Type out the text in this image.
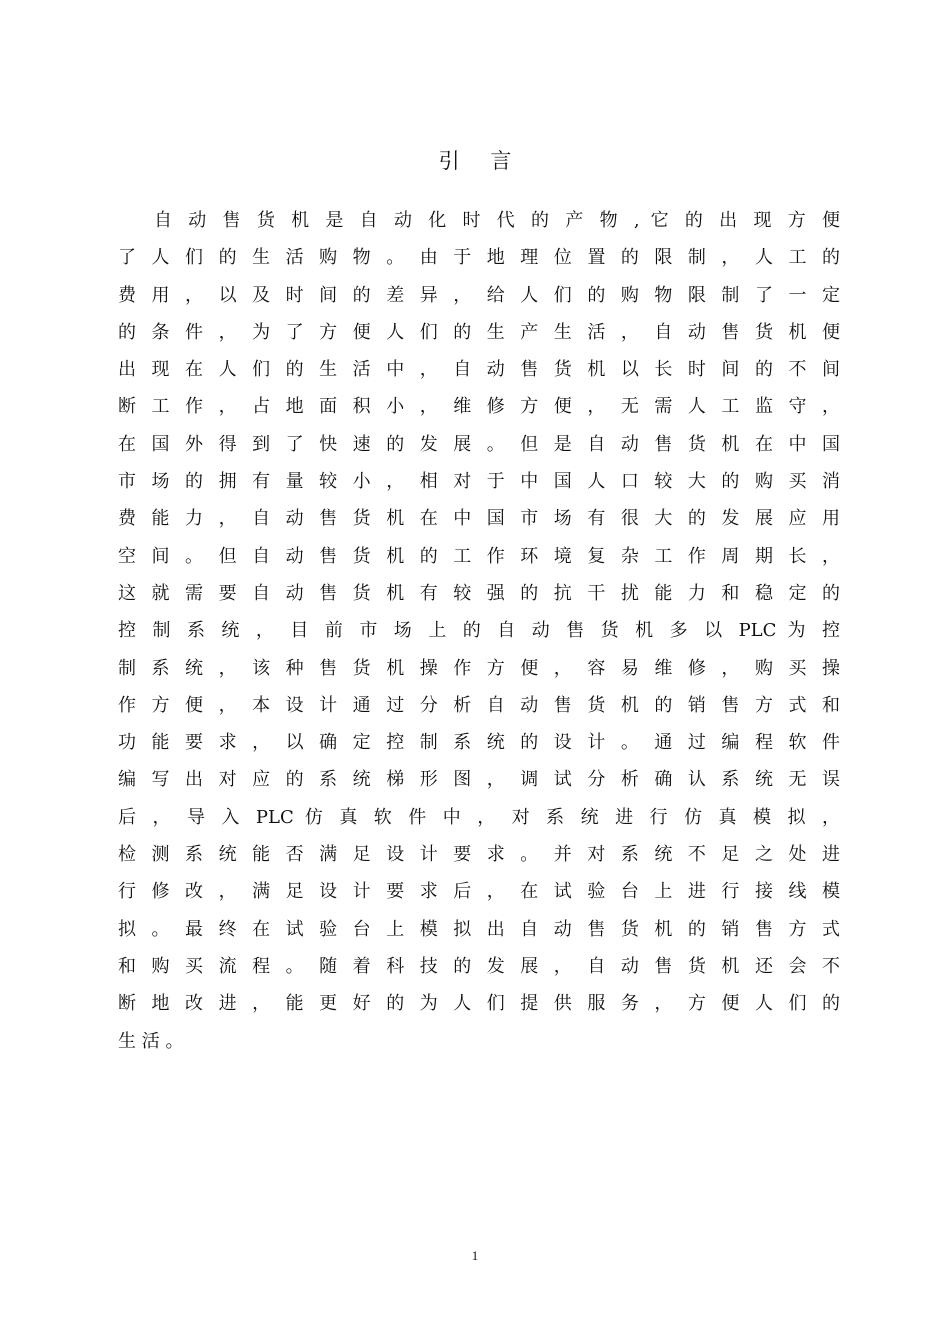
引 言
自 动 售 货 机 是 自 动 化 时 代 的 产 物 , 它 的 出 现 方 便
了 人 们 的 生 活 购 物 。 由 于 地 理 位 置 的 限 制 ， 人 工 的
费 用 ， 以 及 时 间 的 差 异 ， 给 人 们 的 购 物 限 制 了 一 定
的 条 件 ， 为 了 方 便 人 们 的 生 产 生 活 ， 自 动 售 货 机 便
出 现 在 人 们 的 生 活 中 ， 自 动 售 货 机 以 长 时 间 的 不 间
断 工 作 ， 占 地 面 积 小 ， 维 修 方 便 ， 无 需 人 工 监 守 ，
在 国 外 得 到 了 快 速 的 发 展 。 但 是 自 动 售 货 机 在 中 国
市 场 的 拥 有 量 较 小 ， 相 对 于 中 国 人 口 较 大 的 购 买 消
费 能 力 ， 自 动 售 货 机 在 中 国 市 场 有 很 大 的 发 展 应 用
空 间 。 但 自 动 售 货 机 的 工 作 环 境 复 杂 工 作 周 期 长 ，
这 就 需 要 自 动 售 货 机 有 较 强 的 抗 干 扰 能 力 和 稳 定 的
控 制 系 统 ， 目 前 市 场 上 的 自 动 售 货 机 多 以 PLC 为 控
制 系 统 ， 该 种 售 货 机 操 作 方 便 ， 容 易 维 修 ， 购 买 操
作 方 便 ， 本 设 计 通 过 分 析 自 动 售 货 机 的 销 售 方 式 和
功 能 要 求 ， 以 确 定 控 制 系 统 的 设 计 。 通 过 编 程 软 件
编 写 出 对 应 的 系 统 梯 形 图 ， 调 试 分 析 确 认 系 统 无 误
后 ， 导 入 PLC 仿 真 软 件 中 ， 对 系 统 进 行 仿 真 模 拟 ，
检 测 系 统 能 否 满 足 设 计 要 求 。 并 对 系 统 不 足 之 处 进
行 修 改 ， 满 足 设 计 要 求 后 ， 在 试 验 台 上 进 行 接 线 模
拟 。 最 终 在 试 验 台 上 模 拟 出 自 动 售 货 机 的 销 售 方 式
和 购 买 流 程 。 随 着 科 技 的 发 展 ， 自 动 售 货 机 还 会 不
断 地 改 进 ， 能 更 好 的 为 人 们 提 供 服 务 ， 方 便 人 们 的
生 活 。
1
